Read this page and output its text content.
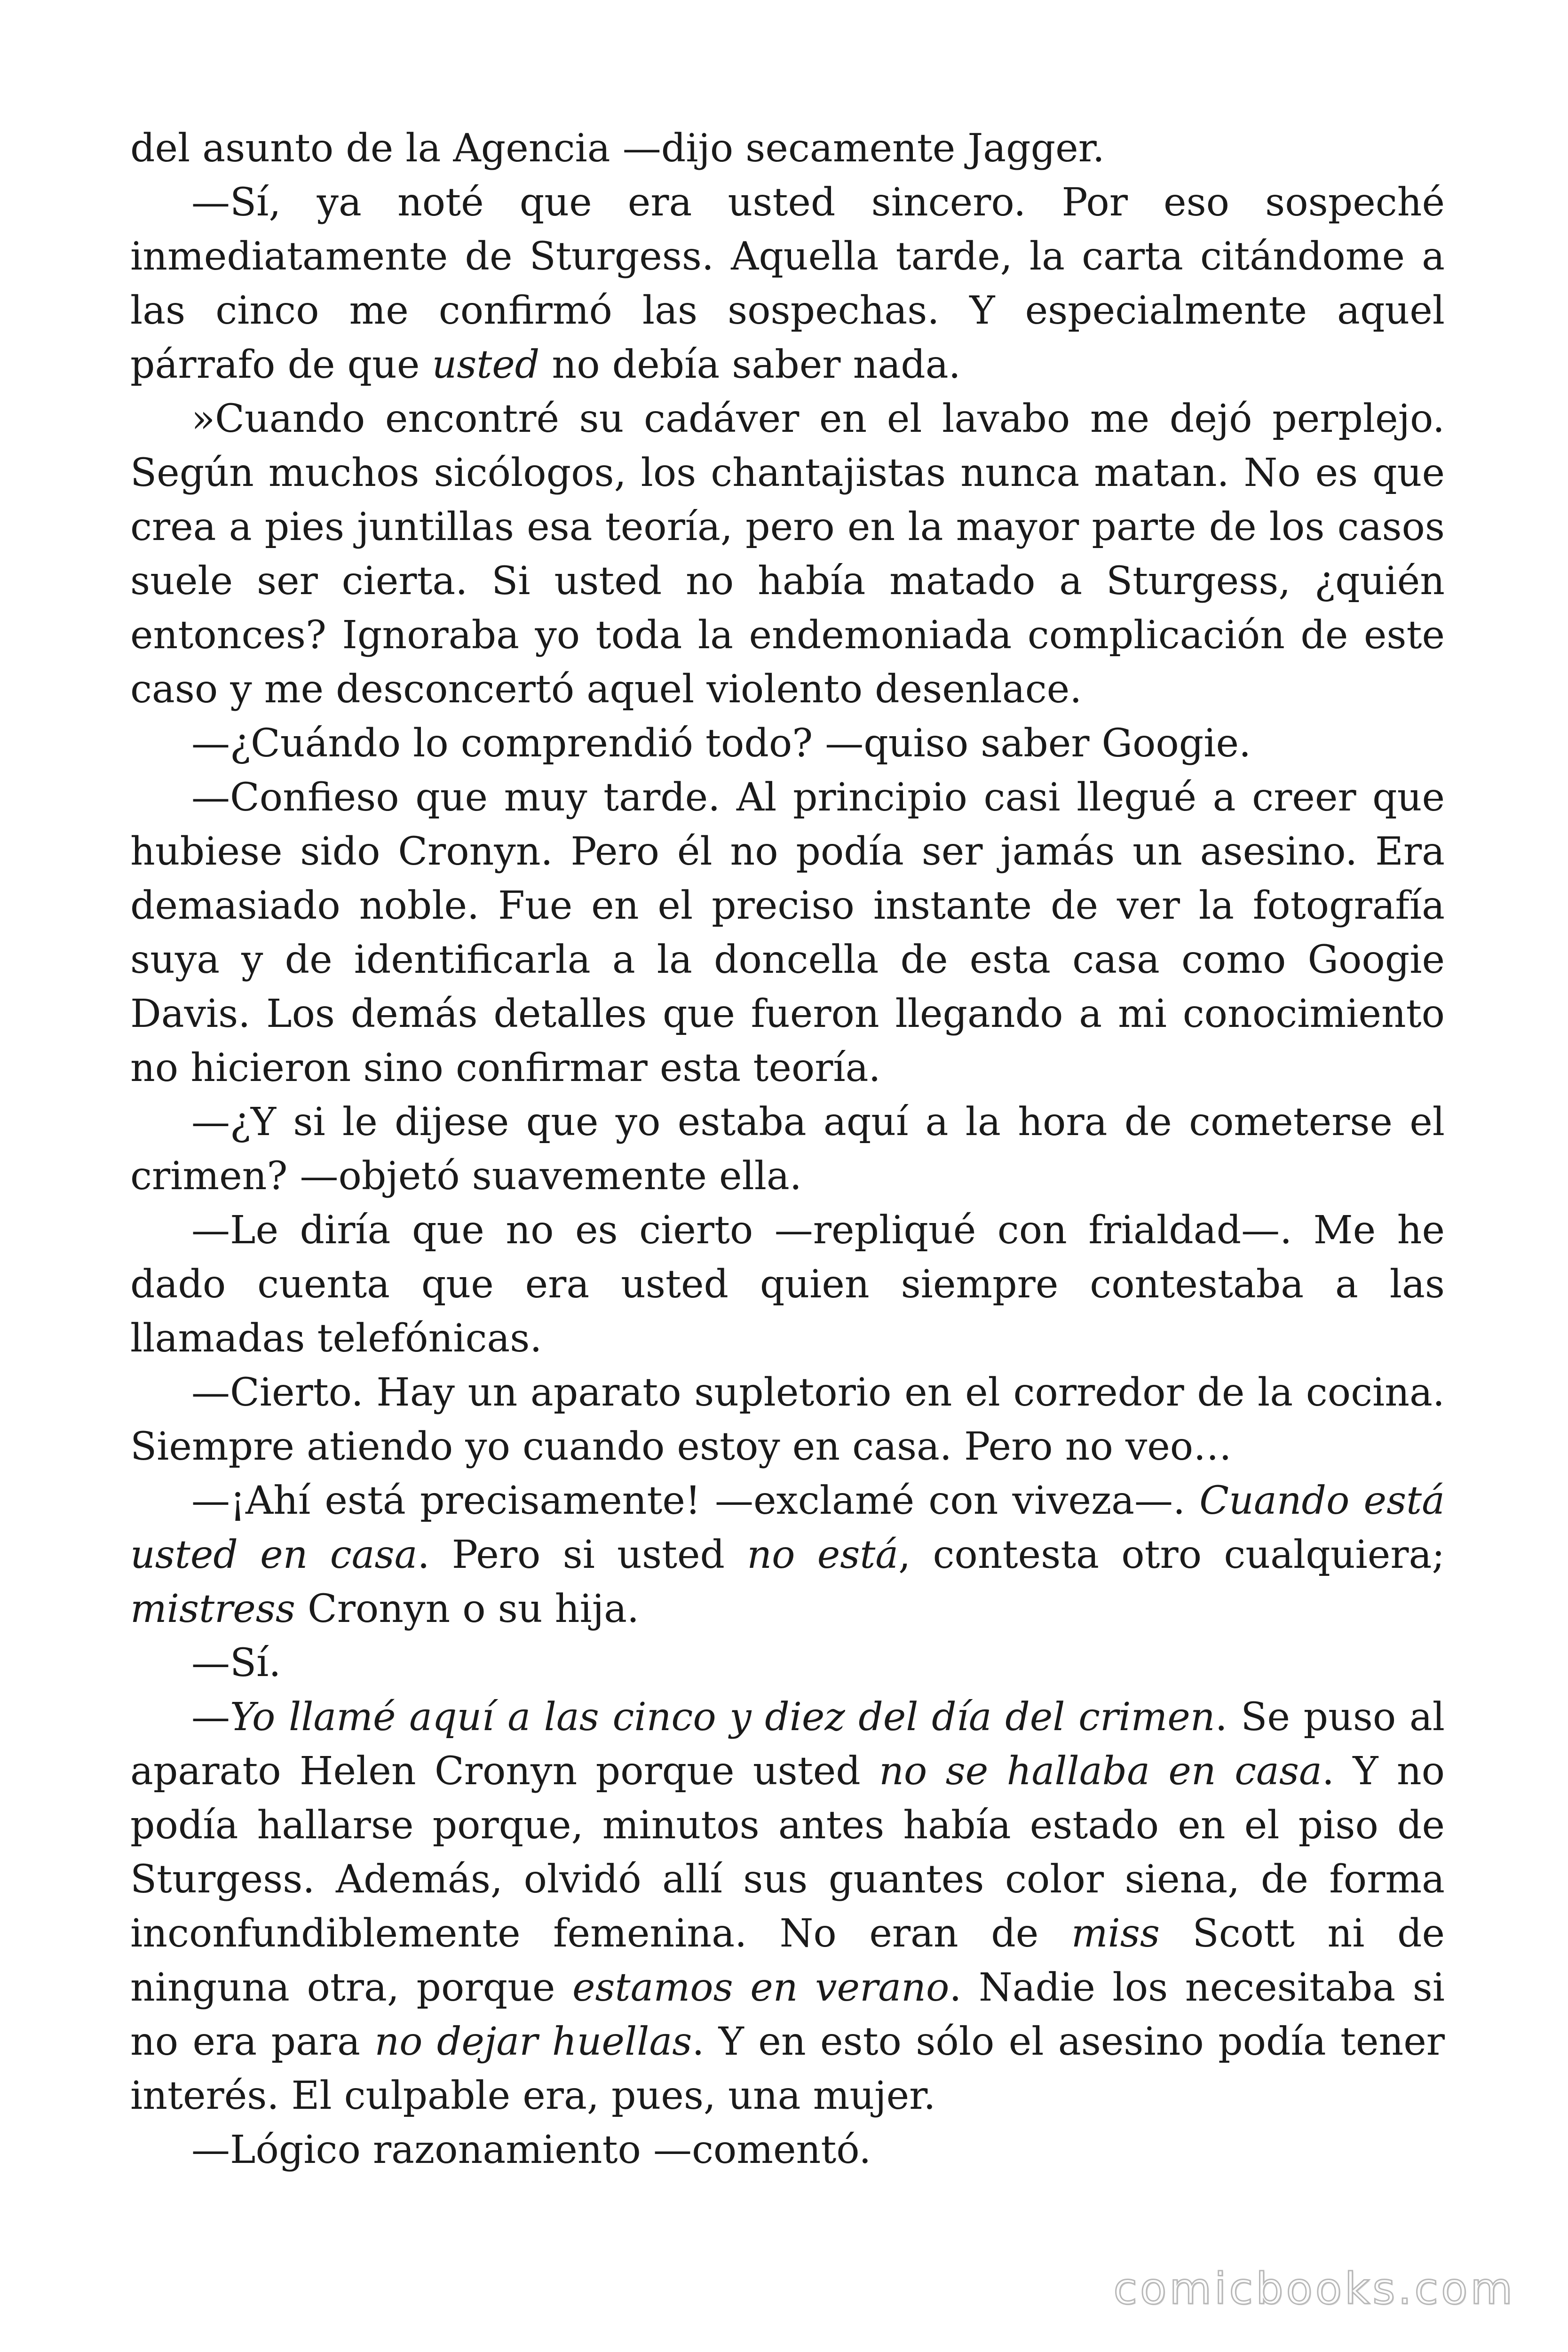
del asunto de la Agencia —dijo secamente Jagger.

—Sí, ya noté que era usted sincero. Por eso sospeché inmediatamente de Sturgess. Aquella tarde, la carta citándome a las cinco me confirmó las sospechas. Y especialmente aquel párrafo de que usted no debía saber nada.

»Cuando encontré su cadáver en el lavabo me dejó perplejo. Según muchos sicólogos, los chantajistas nunca matan. No es que crea a pies juntillas esa teoría, pero en la mayor parte de los casos suele ser cierta. Si usted no había matado a Sturgess, ¿quién entonces? Ignoraba yo toda la endemoniada complicación de este caso y me desconcertó aquel violento desenlace.

—¿Cuándo lo comprendió todo? —quiso saber Googie.

—Confieso que muy tarde. Al principio casi llegué a creer que hubiese sido Cronyn. Pero él no podía ser jamás un asesino. Era demasiado noble. Fue en el preciso instante de ver la fotografía suya y de identificarla a la doncella de esta casa como Googie Davis. Los demás detalles que fueron llegando a mi conocimiento no hicieron sino confirmar esta teoría.

—¿Y si le dijese que yo estaba aquí a la hora de cometerse el crimen? —objetó suavemente ella.

—Le diría que no es cierto —repliqué con frialdad—. Me he dado cuenta que era usted quien siempre contestaba a las llamadas telefónicas.

—Cierto. Hay un aparato supletorio en el corredor de la cocina. Siempre atiendo yo cuando estoy en casa. Pero no veo…

—¡Ahí está precisamente! —exclamé con viveza—. Cuando está usted en casa. Pero si usted no está, contesta otro cualquiera; mistress Cronyn o su hija.

—Sí.

—Yo llamé aquí a las cinco y diez del día del crimen. Se puso al aparato Helen Cronyn porque usted no se hallaba en casa. Y no podía hallarse porque, minutos antes había estado en el piso de Sturgess. Además, olvidó allí sus guantes color siena, de forma inconfundiblemente femenina. No eran de miss Scott ni de ninguna otra, porque estamos en verano. Nadie los necesitaba si no era para no dejar huellas. Y en esto sólo el asesino podía tener interés. El culpable era, pues, una mujer.

—Lógico razonamiento —comentó.

comicbooks.com
